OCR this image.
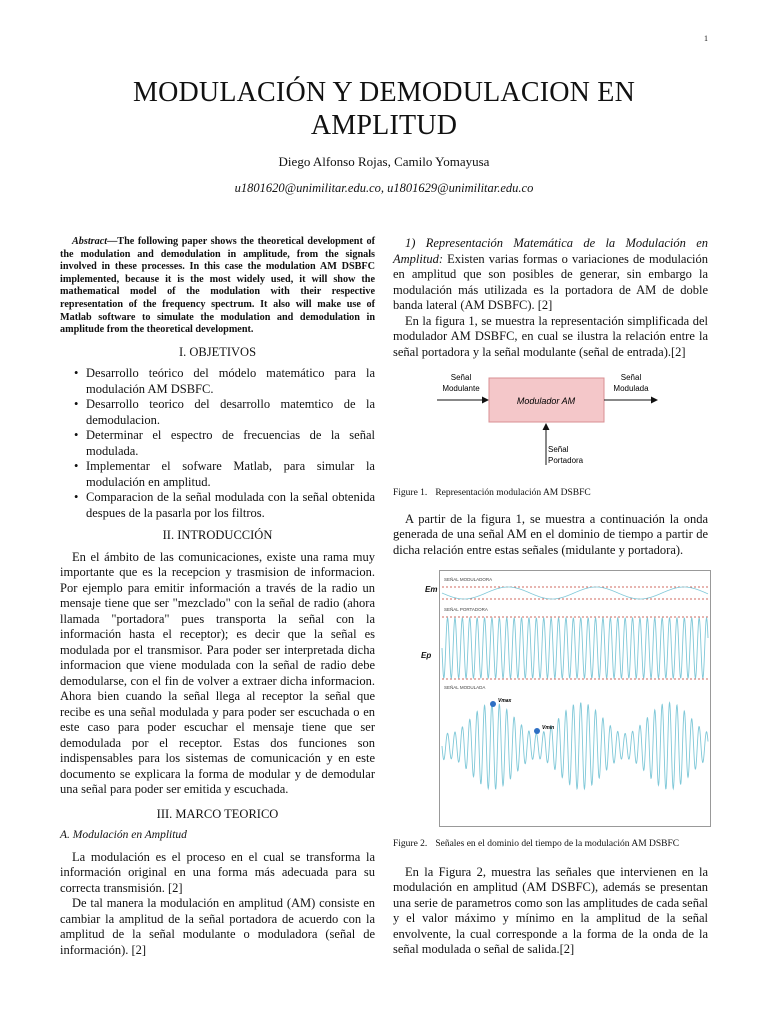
1
MODULACIÓN Y DEMODULACION EN
AMPLITUD
Diego Alfonso Rojas, Camilo Yomayusa
u1801620@unimilitar.edu.co, u1801629@unimilitar.edu.co

Abstract—The following paper shows the theoretical development of the modulation and demodulation in amplitude, from the signals involved in these processes. In this case the modulation AM DSBFC implemented, because it is the most widely used, it will show the mathematical model of the modulation with their respective representation of the frequency spectrum. It also will make use of Matlab software to simulate the modulation and demodulation in amplitude from the theoretical development.

I. OBJETIVOS
• Desarrollo teórico del módelo matemático para la modulación AM DSBFC.
• Desarrollo teorico del desarrollo matemtico de la demodulacion.
• Determinar el espectro de frecuencias de la señal modulada.
• Implementar el sofware Matlab, para simular la modulación en amplitud.
• Comparacion de la señal modulada con la señal obtenida despues de la pasarla por los filtros.
II. INTRODUCCIÓN

En el ámbito de las comunicaciones, existe una rama muy importante que es la recepcion y trasmision de informacion. Por ejemplo para emitir información a través de la radio un mensaje tiene que ser "mezclado" con la señal de radio (ahora llamada "portadora" pues transporta la señal con la información hasta el receptor); es decir que la señal es modulada por el transmisor. Para poder ser interpretada dicha informacion que viene modulada con la señal de radio debe demodularse, con el fin de volver a extraer dicha informacion. Ahora bien cuando la señal llega al receptor la señal que recibe es una señal modulada y para poder ser escuchada o en este caso para poder escuchar el mensaje tiene que ser demodulada por el receptor. Estas dos funciones son indispensables para los sistemas de comunicación y en este documento se explicara la forma de modular y de demodular una señal para poder ser emitida y escuchada.

III. MARCO TEORICO
A. Modulación en Amplitud

La modulación es el proceso en el cual se transforma la información original en una forma más adecuada para su correcta transmisión. [2]

De tal manera la modulación en amplitud (AM) consiste en cambiar la amplitud de la señal portadora de acuerdo con la amplitud de la señal modulante o moduladora (señal de información). [2]

1) Representación Matemática de la Modulación en Amplitud: Existen varias formas o variaciones de modulación en amplitud que son posibles de generar, sin embargo la modulación más utilizada es la portadora de AM de doble banda lateral (AM DSBFC). [2]

En la figura 1, se muestra la representación simplificada del modulador AM DSBFC, en cual se ilustra la relación entre la señal portadora y la señal modulante (señal de entrada).[2]

Modulador AM
Señal
Modulante
Señal
Modulada
Señal
Portadora
Figure 1. Representación modulación AM DSBFC

A partir de la figura 1, se muestra a continuación la onda generada de una señal AM en el dominio de tiempo a partir de dicha relación entre estas señales (midulante y portadora).

SEÑAL MODULADORA
SEÑAL PORTADORA
SEÑAL MODULADA
Vmax
Vmin
Em
Ep
Figure 2. Señales en el dominio del tiempo de la modulación AM DSBFC

En la Figura 2, muestra las señales que intervienen en la modulación en amplitud (AM DSBFC), además se presentan una serie de parametros como son las amplitudes de cada señal y el valor máximo y mínimo en la amplitud de la señal envolvente, la cual corresponde a la forma de la onda de la señal modulada o señal de salida.[2]
